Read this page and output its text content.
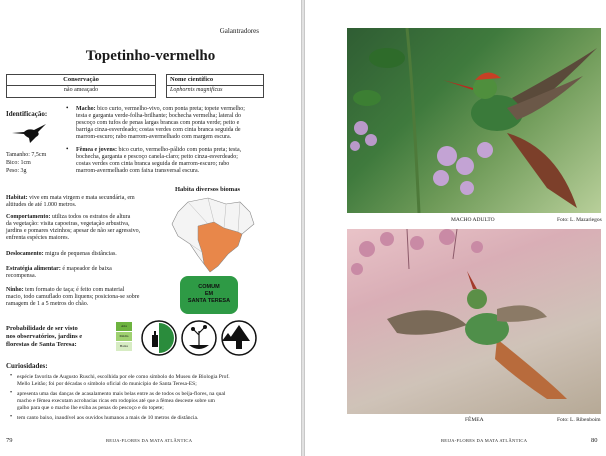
Galantradores
Topetinho-vermelho
Conservação
não ameaçado
Nome científico
Lophornis magnificus
Identificação:
Tamanho: 7,5cm
Bico: 1cm
Peso: 3g
• Macho: bico curto, vermelho-vivo, com ponta preta; topete vermelho;
testa e garganta verde-folha-brilhante; bochecha vermelha; lateral do
pescoço com tufos de penas largas brancas com ponta verde; peito e
barriga cinza-esverdeado; costas verdes com cinta branca seguida de
marrom-escuro; rabo marrom-avermelhado com margem escura.
• Fêmea e jovens: bico curto, vermelho-pálido com ponta preta; testa,
bochecha, garganta e pescoço canela-claro; peito cinza-esverdeado;
costas verdes com cinta branca seguida de marrom-escuro; rabo
marrom-avermelhado com faixa transversal escura.
Habitat: vive em mata virgem e mata secundária, em
altitudes de até 1.000 metros.
Comportamento: utiliza todos os estratos de altura
da vegetação: visita capoeiras, vegetação arbustiva,
jardins e pomares vizinhos; apesar de não ser agressivo,
enfrenta espécies maiores.
Deslocamento: migra de pequenas distâncias.
Estratégia alimentar: é mapeador de baixa
recompensa.
Ninho: tem formato de taça; é feito com material
macio, todo camuflado com liquens; posiciona-se sobre
ramagem de 1 a 5 metros do chão.
Habita diversos biomas
COMUM
EM
SANTA TERESA
Probabilidade de ser visto
nos observatórios, jardins e
florestas de Santa Teresa:
Alta
Média
Baixa
Curiosidades:
• espécie favorita de Augusto Ruschi, escolhida por ele como símbolo do Museu de Biologia Prof.
Mello Leitão; foi por décadas o símbolo oficial do município de Santa Teresa-ES;
• apresenta uma das danças de acasalamento mais belas entre as de todos os beija-flores, na qual
macho e fêmea executam acrobacias ricas em rodopios até que a fêmea desceste sobre um
galho para que o macho lhe exiba as penas do pescoço e do topete;
• tem canto baixo, inaudível aos ouvidos humanos a mais de 10 metros de distância.
79	BEIJA-FLORES DA MATA ATLÂNTICA
MACHO ADULTO	Foto: L. Mazariegos
FÊMEA	Foto: L. Ribenboim
BEIJA-FLORES DA MATA ATLÂNTICA	80
